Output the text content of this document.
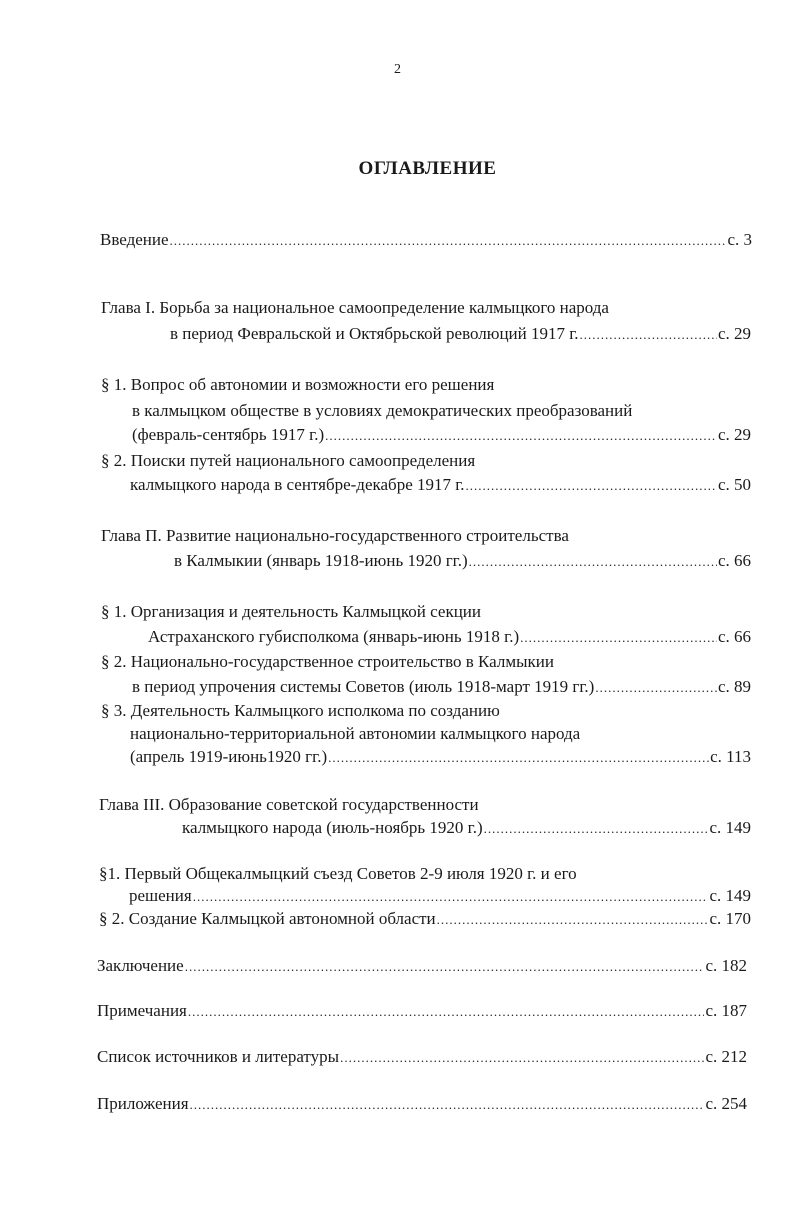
2
ОГЛАВЛЕНИЕ
Введение .....	с. 3
Глава I. Борьба за национальное самоопределение калмыцкого народа
в период Февральской и Октябрьской революций 1917 г. .....	с. 29
§ 1. Вопрос об автономии и возможности его решения
в калмыцком обществе в условиях демократических преобразований
(февраль-сентябрь 1917 г.) .....	с. 29
§ 2. Поиски путей национального самоопределения
калмыцкого народа в сентябре-декабре 1917 г. .....	с. 50
Глава П. Развитие национально-государственного строительства
в Калмыкии (январь 1918-июнь 1920 гг.) .....	с. 66
§ 1. Организация и деятельность Калмыцкой секции
Астраханского губисполкома (январь-июнь 1918 г.) .....	с. 66
§ 2. Национально-государственное строительство в Калмыкии
в период упрочения системы Советов (июль 1918-март 1919 гг.) .....	с. 89
§ 3. Деятельность Калмыцкого исполкома по созданию
национально-территориальной автономии калмыцкого народа
(апрель 1919-июнь1920 гг.) .....	с. 113
Глава III. Образование советской государственности
калмыцкого народа (июль-ноябрь 1920 г.) .....	с. 149
§1. Первый Общекалмыцкий съезд Советов 2-9 июля 1920 г. и его
решения .....	с. 149
§ 2. Создание Калмыцкой автономной области .....	с. 170
Заключение .....	с. 182
Примечания .....	с. 187
Список источников и литературы .....	с. 212
Приложения .....	с. 254
